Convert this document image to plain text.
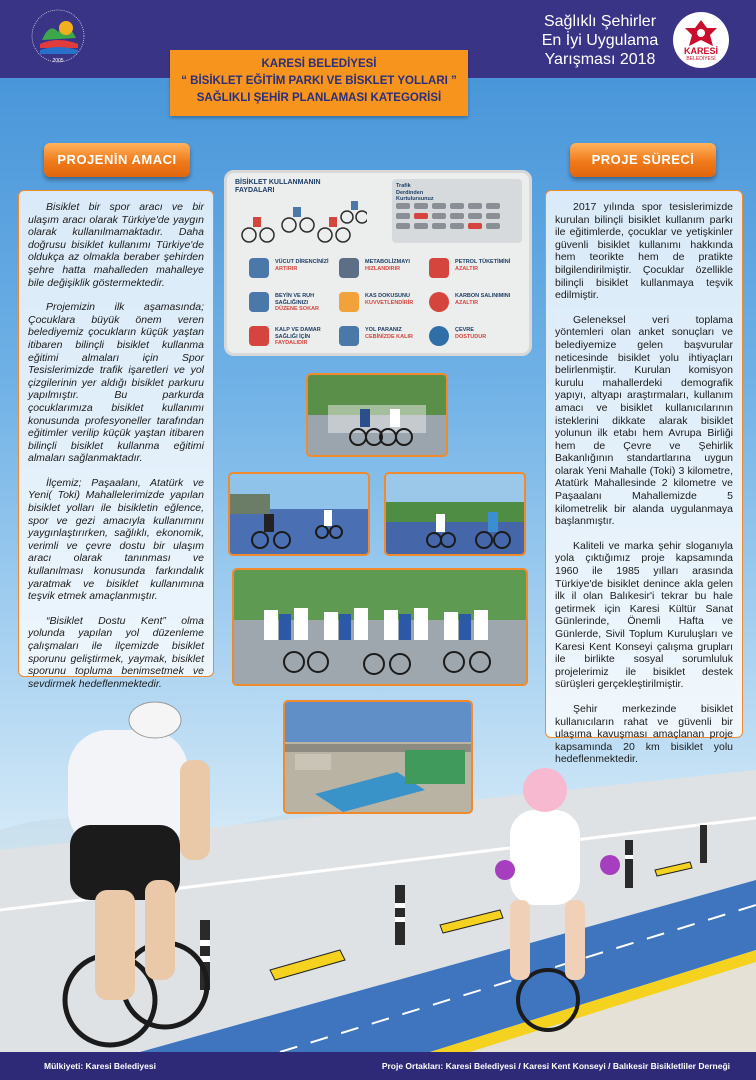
2005
Sağlıklı Şehirler
En İyi Uygulama
Yarışması 2018	KARESİ
BELEDİYESİ
KARESİ BELEDİYESİ
“ BİSİKLET EĞİTİM PARKI VE BİSKLET YOLLARI ”
SAĞLIKLI ŞEHİR PLANLAMASI KATEGORİSİ
PROJENİN AMACI	PROJE SÜRECİ

Bisiklet bir spor aracı ve bir ulaşım aracı olarak Türkiye'de yaygın olarak kullanılmamaktadır. Daha doğrusu bisiklet kullanımı Türkiye'de oldukça az olmakla beraber şehirden şehre hatta mahalleden mahalleye bile değişiklik göstermektedir.

Projemizin ilk aşamasında; Çocuklara büyük önem veren belediyemiz çocukların küçük yaştan itibaren bilinçli bisiklet kullanma eğitimi almaları için Spor Tesislerimizde trafik işaretleri ve yol çizgilerinin yer aldığı bisiklet parkuru yapılmıştır. Bu parkurda çocuklarımıza bisiklet kullanımı konusunda profesyoneller tarafından eğitimler verilip küçük yaştan itibaren bilinçli bisiklet kullanma eğitimi almaları sağlanmaktadır.

İlçemiz; Paşaalanı, Atatürk ve Yeni( Toki) Mahallelerimizde yapılan bisiklet yolları ile bisikletin eğlence, spor ve gezi amacıyla kullanımını yaygınlaştırırken, sağlıklı, ekonomik, verimli ve çevre dostu bir ulaşım aracı olarak tanınması ve kullanılması konusunda farkındalık yaratmak ve bisiklet kullanımına teşvik etmek amaçlanmıştır.

“Bisiklet Dostu Kent” olma yolunda yapılan yol düzenleme çalışmaları ile ilçemizde bisiklet sporunu geliştirmek, yaymak, bisiklet sporunu topluma benimsetmek ve sevdirmek hedeflenmektedir.

2017 yılında spor tesislerimizde kurulan bilinçli bisiklet kullanım parkı ile eğitimlerde, çocuklar ve yetişkinler güvenli bisiklet kullanımı hakkında hem teorikte hem de pratikte bilgilendirilmiştir. Çocuklar özellikle bilinçli bisiklet kullanmaya teşvik edilmiştir.

Geleneksel veri toplama yöntemleri olan anket sonuçları ve belediyemize gelen başvurular neticesinde bisiklet yolu ihtiyaçları belirlenmiştir. Kurulan komisyon kurulu mahallerdeki demografik yapıyı, altyapı araştırmaları, kullanım amacı ve bisiklet kullanıcılarının isteklerini dikkate alarak bisiklet yolunun ilk etabı hem Avrupa Birliği hem de Çevre ve Şehirlik Bakanlığının standartlarına uygun olarak Yeni Mahalle (Toki) 3 kilometre, Atatürk Mahallesinde 2 kilometre ve Paşaalanı Mahallemizde 5 kilometrelik bir alanda uygulanmaya başlanmıştır.

Kaliteli ve marka şehir sloganıyla yola çıktığımız proje kapsamında 1960 ile 1985 yılları arasında Türkiye'de bisiklet denince akla gelen ilk il olan Balıkesir'i tekrar bu hale getirmek için Karesi Kültür Sanat Günlerinde, Önemli Hafta ve Günlerde, Sivil Toplum Kuruluşları ve Karesi Kent Konseyi çalışma grupları ile birlikte sosyal sorumluluk projelerimiz ile bisiklet destek sürüşleri gerçekleştirilmiştir.

Şehir merkezinde bisiklet kullanıcıların rahat ve güvenli bir ulaşıma kavuşması amaçlanan proje kapsamında 20 km bisiklet yolu hedeflenmektedir.

BİSİKLET KULLANMANIN FAYDALARI
Trafik Derdinden Kurtulursunuz
VÜCUT DİRENCİNİZİ
ARTIRIR
METABOLİZMAYI
HIZLANDIRIR
PETROL TÜKETİMİNİ
AZALTIR
BEYİN VE RUH SAĞLIĞINIZI
DÜZENE SOKAR
KAS DOKUSUNU
KUVVETLENDİRİR
KARBON SALINIMINI
AZALTIR
KALP VE DAMAR SAĞLIĞI İÇİN
FAYDALIDIR
YOL PARANIZ
CEBİNİZDE KALIR
ÇEVRE
DOSTUDUR
Mülkiyeti: Karesi Belediyesi	Proje Ortakları: Karesi Belediyesi / Karesi Kent Konseyi / Balıkesir Bisikletliler Derneği
